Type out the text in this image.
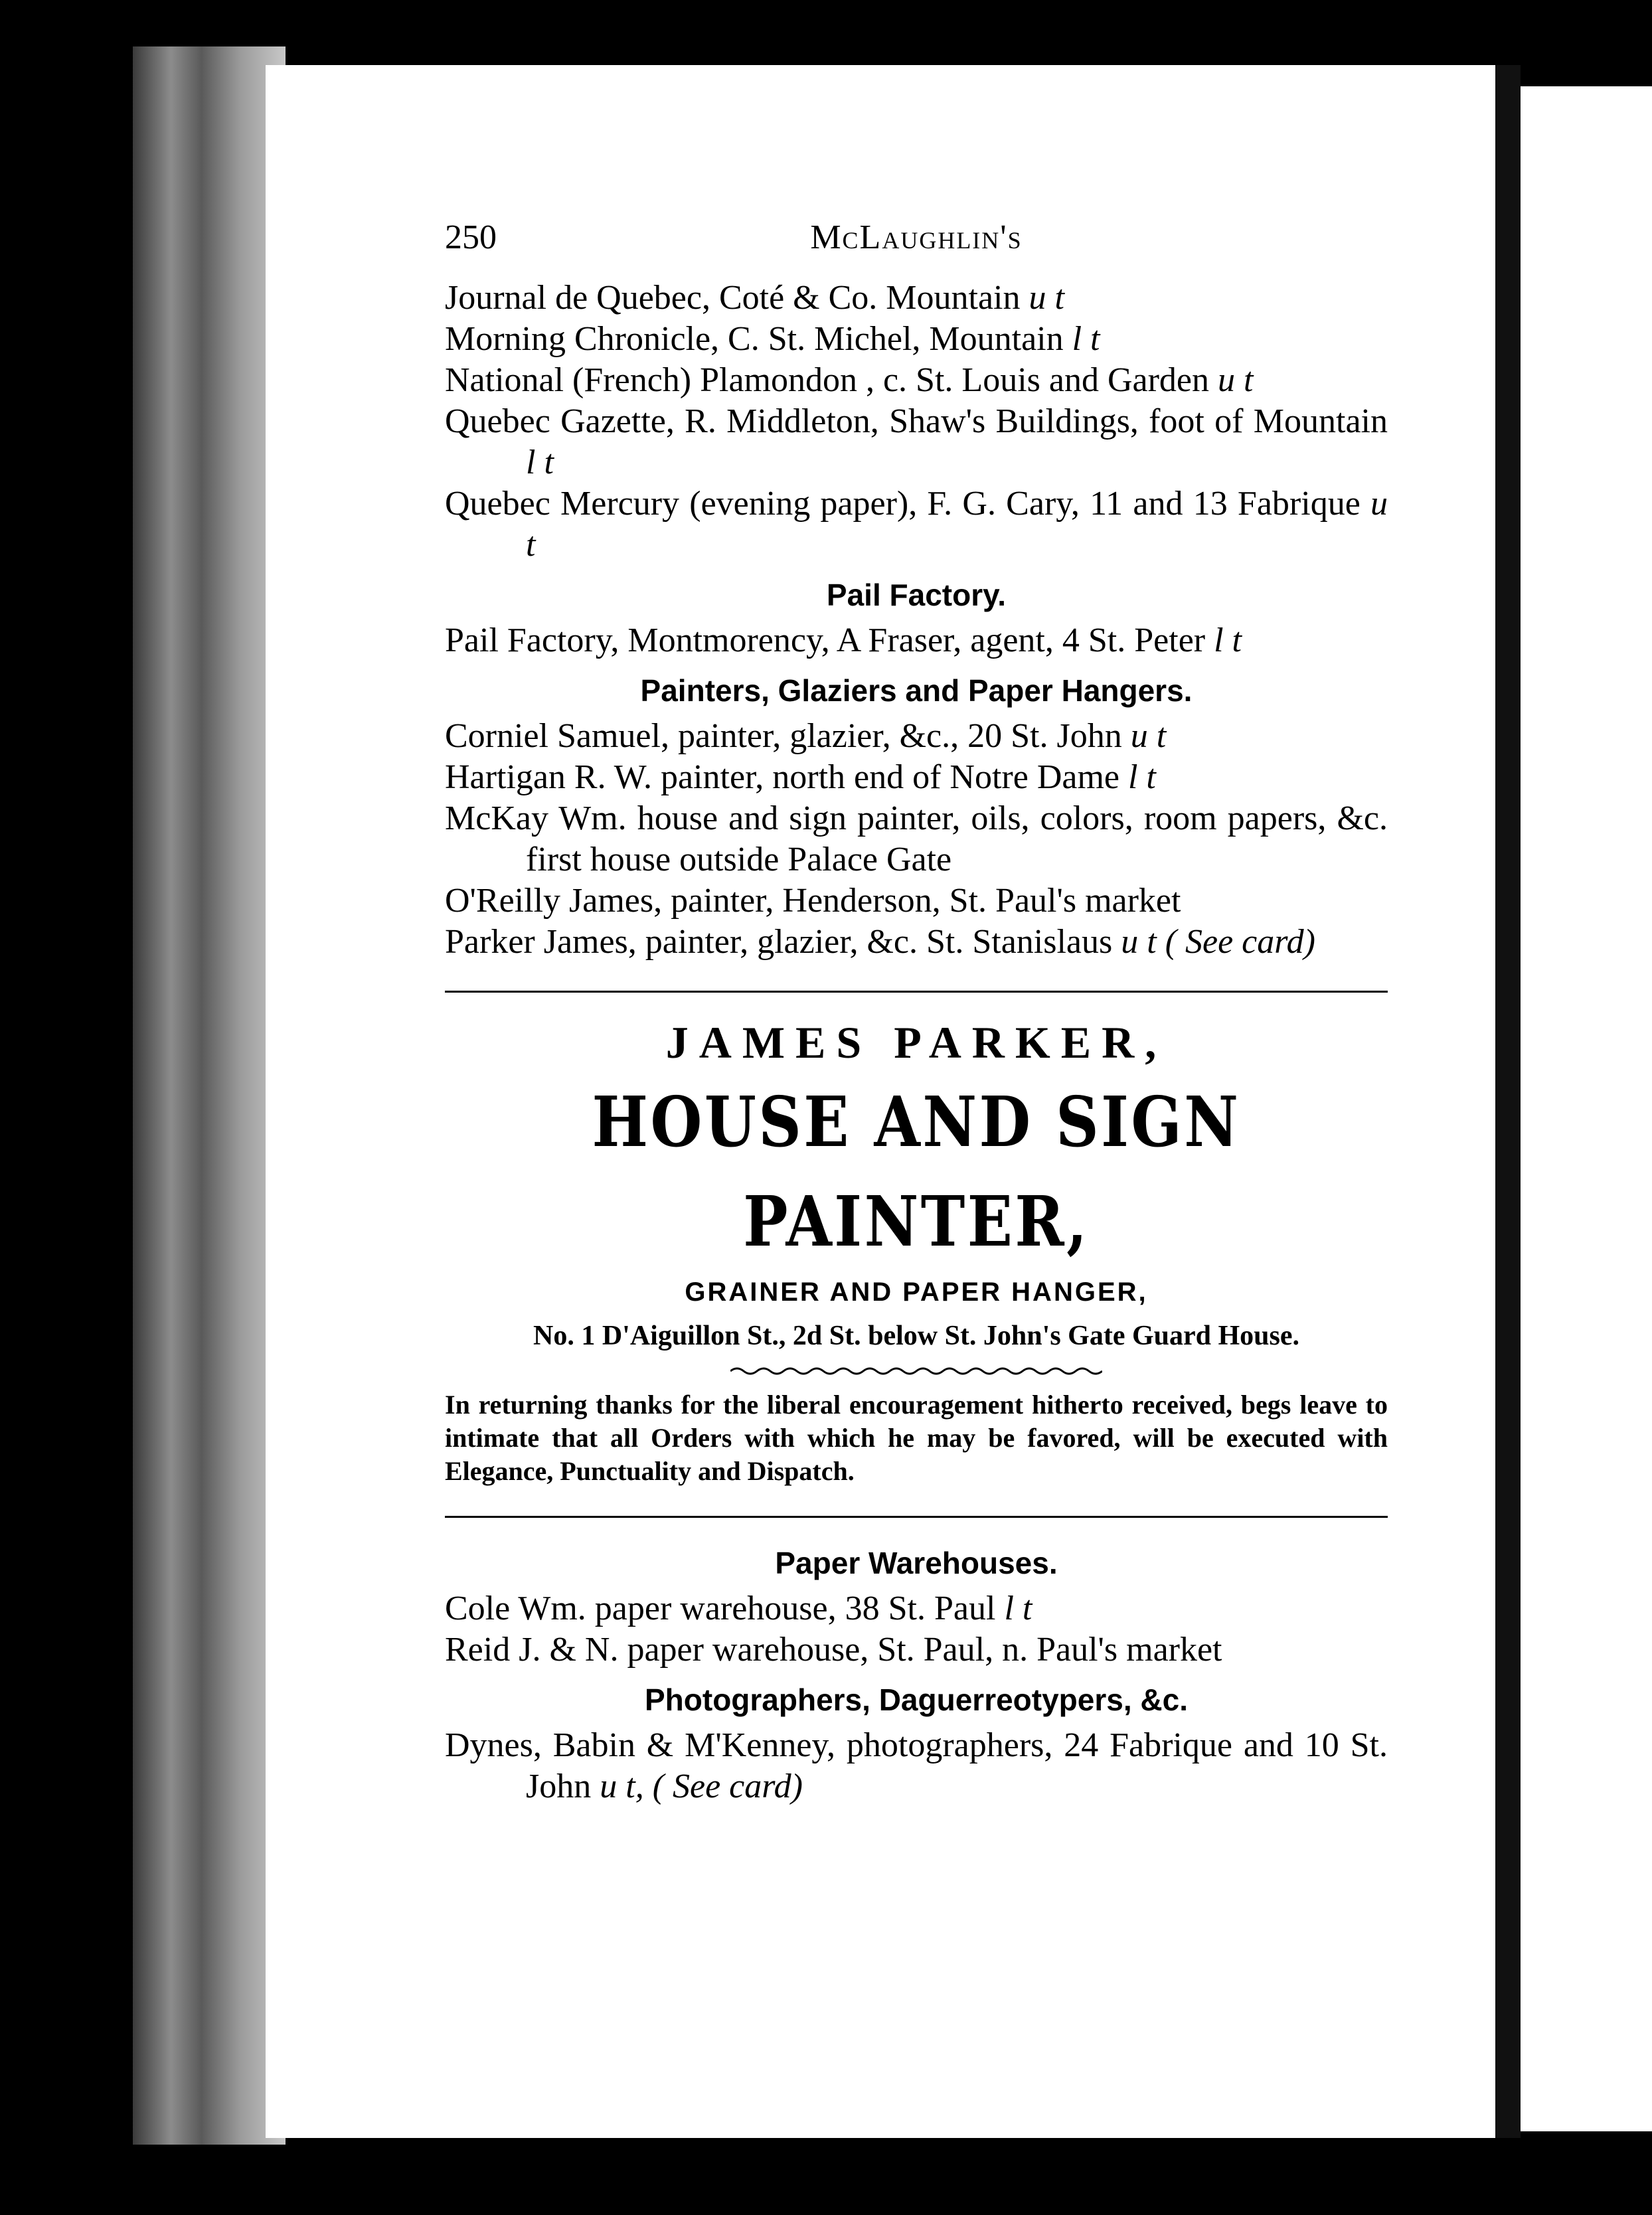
250	McLaughlin's

Journal de Quebec, Coté & Co. Mountain u t

Morning Chronicle, C. St. Michel, Mountain l t

National (French) Plamondon , c. St. Louis and Garden u t

Quebec Gazette, R. Middleton, Shaw's Buildings, foot of Mountain l t

Quebec Mercury (evening paper), F. G. Cary, 11 and 13 Fabrique u t

Pail Factory.

Pail Factory, Montmorency, A Fraser, agent, 4 St. Peter l t

Painters, Glaziers and Paper Hangers.

Corniel Samuel, painter, glazier, &c., 20 St. John u t

Hartigan R. W. painter, north end of Notre Dame l t

McKay Wm. house and sign painter, oils, colors, room papers, &c. first house outside Palace Gate

O'Reilly James, painter, Henderson, St. Paul's market

Parker James, painter, glazier, &c. St. Stanislaus u t ( See card)

JAMES PARKER,
HOUSE AND SIGN PAINTER,
GRAINER AND PAPER HANGER,
No. 1 D'Aiguillon St., 2d St. below St. John's Gate Guard House.

In returning thanks for the liberal encouragement hitherto received, begs leave to intimate that all Orders with which he may be favored, will be executed with Elegance, Punctuality and Dispatch.

Paper Warehouses.

Cole Wm. paper warehouse, 38 St. Paul l t

Reid J. & N. paper warehouse, St. Paul, n. Paul's market

Photographers, Daguerreotypers, &c.

Dynes, Babin & M'Kenney, photographers, 24 Fabrique and 10 St. John u t, ( See card)
